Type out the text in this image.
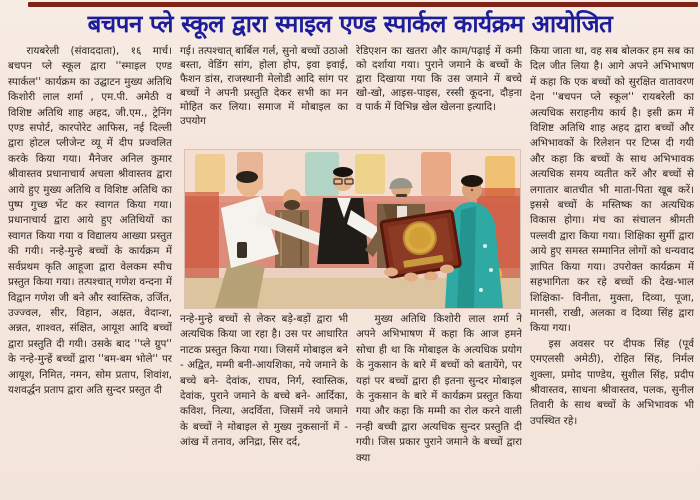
बचपन प्ले स्कूल द्वारा स्माइल एण्ड स्पार्कल कार्यक्रम आयोजित

रायबरेली (संवाददाता), १६ मार्च। बचपन प्ले स्कूल द्वारा ''स्माइल एण्ड स्पार्कल'' कार्यक्रम का उद्घाटन मुख्य अतिथि किशोरी लाल शर्मा , एम.पी. अमेठी व विशिष्ट अतिथि शाह अहद, जी.एम., ट्रेनिंग एण्ड सपोर्ट, कारपोरेट आफिस, नई दिल्ली द्वारा होटल प्लीजेन्ट व्यू में दीप प्रज्वलित करके किया गया। मैनेजर अनिल कुमार श्रीवास्तव प्रधानाचार्य अचला श्रीवास्तव द्वारा आये हुए मुख्य अतिथि व विशिष्ट अतिथि का पुष्प गुच्छ भेंट कर स्वागत किया गया। प्रधानाचार्य द्वारा आये हुए अतिथियों का स्वागत किया गया व विद्यालय आख्या प्रस्तुत की गयी। नन्हे-मुन्हे बच्चों के कार्यक्रम में सर्वप्रथम कृति आहूजा द्वारा वेलकम स्पीच प्रस्तुत किया गया। तत्पश्चात् गणेश वन्दना में विद्वान गणेश जी बने और स्वास्तिक, उर्जित, उज्ज्वल, सीर, विहान, अक्षत, वेदान्श, अन्नत, शाश्वत, संक्षित, आयूश आदि बच्चों द्वारा प्रस्तुति दी गयी। उसके बाद ''प्ले ग्रुप'' के नन्हे-मुन्हें बच्चों द्वारा ''बम-बम भोले'' पर आयूश, निमित, नमन, सोम प्रताप, शिवांश, यशवर्द्धन प्रताप द्वारा अति सुन्दर प्रस्तुत दी

गई। तत्पश्चात् बार्बिल गर्ल, सुनो बच्चों उठाओ बस्ता, वेडिंग सांग, होला होप, इवा इवाई, फैशन डांस, राजस्थानी मेलोडी आदि सांग पर बच्चों ने अपनी प्रस्तुति देकर सभी का मन मोहित कर लिया। समाज में मोबाइल का उपयोग

रेडिएशन का खतरा और काम/पढ़ाई में कमी को दर्शाया गया। पुराने जमाने के बच्चों के द्वारा दिखाया गया कि उस जमाने में बच्चे खो-खो, आइस-पाइस, रस्सी कूदना, दौड़ना व पार्क में विभिन्न खेल खेलना इत्यादि।

किया जाता था, वह सब बोलकर हम सब का दिल जीत लिया है। आगे अपने अभिभाषण में कहा कि एक बच्चों को सुरक्षित वातावरण देना ''बचपन प्ले स्कूल'' रायबरेली का अत्यधिक सराहनीय कार्य है। इसी क्रम में विशिष्ट अतिथि शाह अहद द्वारा बच्चों और अभिभावकों के रिलेशन पर टिप्स दी गयी और कहा कि बच्चों के साथ अभिभावक अत्यधिक समय व्यतीत करें और बच्चों से लगातार बातचीत भी माता-पिता खूब करें। इससे बच्चों के मस्तिष्क का अत्यधिक विकास होगा। मंच का संचालन श्रीमती पल्लवी द्वारा किया गया। शिक्षिका सुर्मी द्वारा आये हुए समस्त सम्मानित लोगों को धन्यवाद ज्ञापित किया गया। उपरोक्त कार्यक्रम में सहभागिता कर रहे बच्चों की देख-भाल शिक्षिका- विनीता, मुक्ता, दिव्या, पूजा, मानसी, राखी, अलका व दिव्या सिंह द्वारा किया गया।

इस अवसर पर दीपक सिंह (पूर्व एमएलसी अमेठी), रोहित सिंह, निर्मल शुक्ला, प्रमोद पाण्डेय, सुशील सिंह, प्रदीप श्रीवास्तव, साधना श्रीवास्तव, पलक, सुनील तिवारी के साथ बच्चों के अभिभावक भी उपस्थित रहे।

नन्हे-मुन्हे बच्चों से लेकर बड़े-बड़ों द्वारा भी अत्यधिक किया जा रहा है। उस पर आधारित नाटक प्रस्तुत किया गया। जिसमें मोबाइल बने - अद्वित, मम्मी बनी-आयशिका, नये जमाने के बच्चे बने- देवांक, राघव, निर्ग, स्वास्तिक, देवांक, पुराने जमाने के बच्चे बने- आर्दिका, कविश, नित्या, अदर्विता, जिसमें नये जमाने के बच्चों ने मोबाइल से मुख्य नुकसानों में - आंख में तनाव, अनिद्रा, सिर दर्द,

मुख्य अतिथि किशोरी लाल शर्मा ने अपने अभिभाषण में कहा कि आज हमने सोचा ही था कि मोबाइल के अत्यधिक प्रयोग के नुकसान के बारे में बच्चों को बतायेंगे, पर यहां पर बच्चों द्वारा ही इतना सुन्दर मोबाइल के नुकसान के बारे में कार्यक्रम प्रस्तुत किया गया और कहा कि मम्मी का रोल करने वाली नन्ही बच्ची द्वारा अत्यधिक सुन्दर प्रस्तुति दी गयी। जिस प्रकार पुराने जमाने के बच्चों द्वारा क्या
